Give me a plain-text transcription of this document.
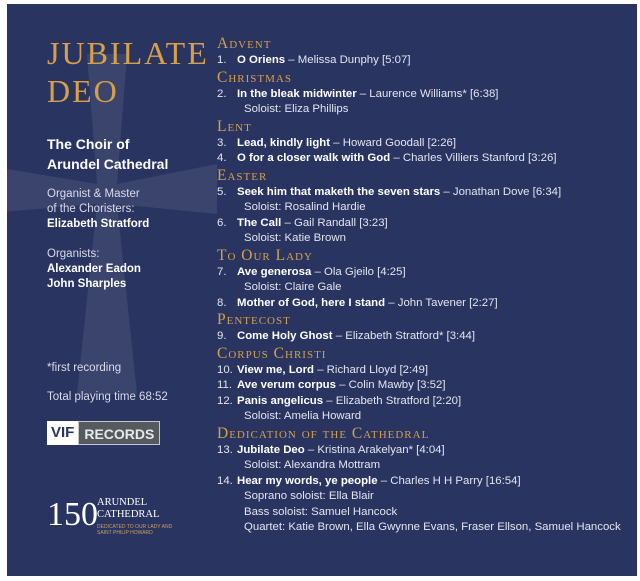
JUBILATE
DEO
The Choir of
Arundel Cathedral
Organist & Master
of the Choristers:
Elizabeth Stratford
Organists:
Alexander Eadon
John Sharples
*first recording
Total playing time 68:52
VIF RECORDS
150 ARUNDEL
CATHEDRAL
DEDICATED TO OUR LADY AND SAINT PHILIP HOWARD
Advent
1. O Oriens – Melissa Dunphy [5:07]
Christmas
2. In the bleak midwinter – Laurence Williams* [6:38]
Soloist: Eliza Phillips
Lent
3. Lead, kindly light – Howard Goodall [2:26]
4. O for a closer walk with God – Charles Villiers Stanford [3:26]
Easter
5. Seek him that maketh the seven stars – Jonathan Dove [6:34]
Soloist: Rosalind Hardie
6. The Call – Gail Randall [3:23]
Soloist: Katie Brown
To Our Lady
7. Ave generosa – Ola Gjeilo [4:25]
Soloist: Claire Gale
8. Mother of God, here I stand – John Tavener [2:27]
Pentecost
9. Come Holy Ghost – Elizabeth Stratford* [3:44]
Corpus Christi
10. View me, Lord – Richard Lloyd [2:49]
11. Ave verum corpus – Colin Mawby [3:52]
12. Panis angelicus – Elizabeth Stratford [2:20]
Soloist: Amelia Howard
Dedication of the Cathedral
13. Jubilate Deo – Kristina Arakelyan* [4:04]
Soloist: Alexandra Mottram
14. Hear my words, ye people – Charles H H Parry [16:54]
Soprano soloist: Ella Blair
Bass soloist: Samuel Hancock
Quartet: Katie Brown, Ella Gwynne Evans, Fraser Ellson, Samuel Hancock
